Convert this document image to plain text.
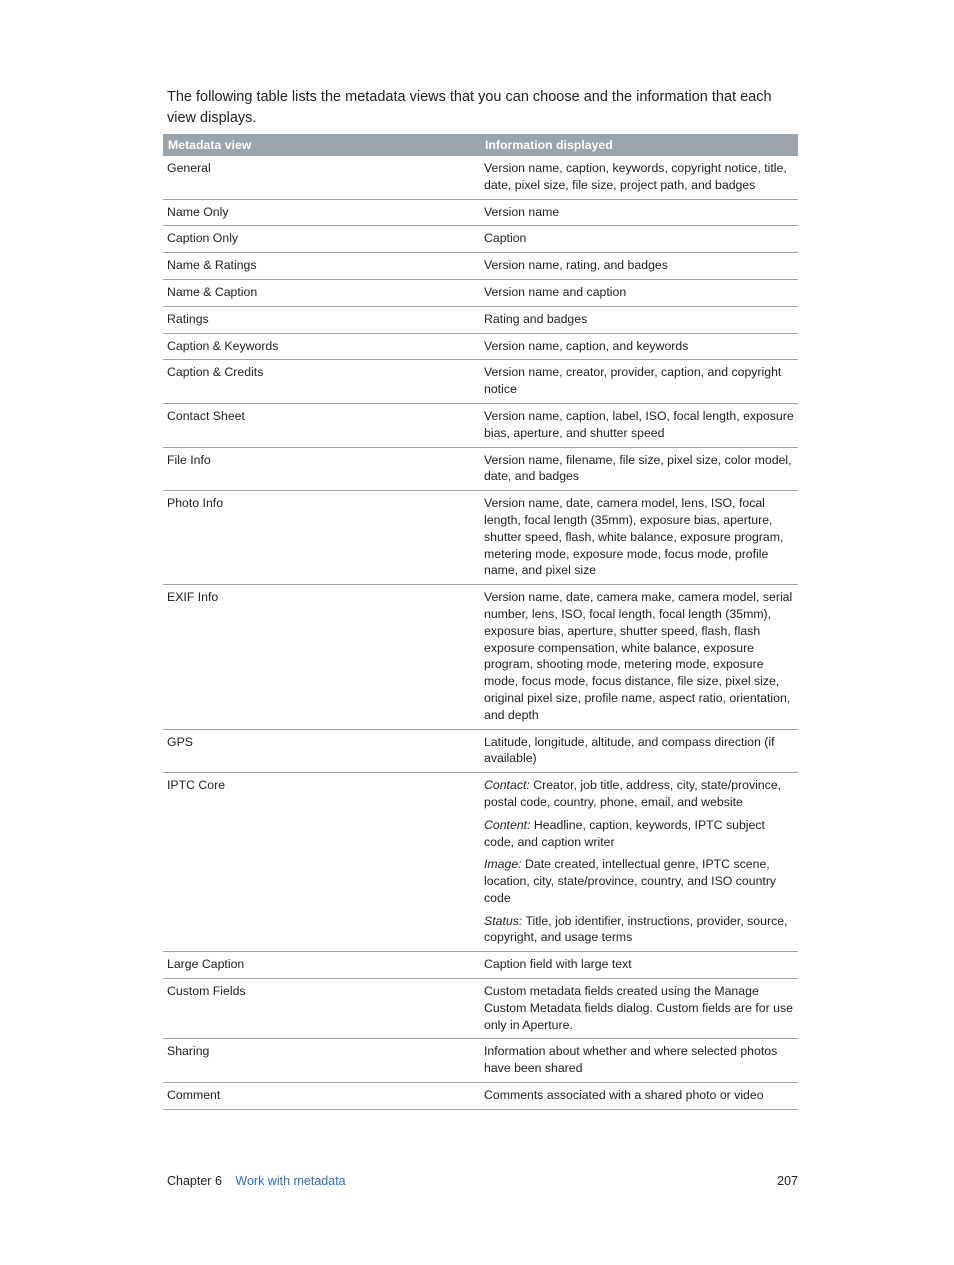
The following table lists the metadata views that you can choose and the information that each view displays.

Metadata view	Information displayed
General	Version name, caption, keywords, copyright notice, title, date, pixel size, file size, project path, and badges

Name Only	Version name

Caption Only	Caption

Name & Ratings	Version name, rating, and badges

Name & Caption	Version name and caption

Ratings	Rating and badges

Caption & Keywords	Version name, caption, and keywords

Caption & Credits	Version name, creator, provider, caption, and copyright notice

Contact Sheet	Version name, caption, label, ISO, focal length, exposure bias, aperture, and shutter speed

File Info	Version name, filename, file size, pixel size, color model, date, and badges

Photo Info	Version name, date, camera model, lens, ISO, focal length, focal length (35mm), exposure bias, aperture, shutter speed, flash, white balance, exposure program, metering mode, exposure mode, focus mode, profile name, and pixel size

EXIF Info	Version name, date, camera make, camera model, serial number, lens, ISO, focal length, focal length (35mm), exposure bias, aperture, shutter speed, flash, flash exposure compensation, white balance, exposure program, shooting mode, metering mode, exposure mode, focus mode, focus distance, file size, pixel size, original pixel size, profile name, aspect ratio, orientation, and depth

GPS	Latitude, longitude, altitude, and compass direction (if available)

IPTC Core	Contact: Creator, job title, address, city, state/province, postal code, country, phone, email, and website
Content: Headline, caption, keywords, IPTC subject code, and caption writer
Image: Date created, intellectual genre, IPTC scene, location, city, state/province, country, and ISO country code
Status: Title, job identifier, instructions, provider, source, copyright, and usage terms

Large Caption	Caption field with large text

Custom Fields	Custom metadata fields created using the Manage Custom Metadata fields dialog. Custom fields are for use only in Aperture.

Sharing	Information about whether and where selected photos have been shared

Comment	Comments associated with a shared photo or video
Chapter 6 Work with metadata	207
